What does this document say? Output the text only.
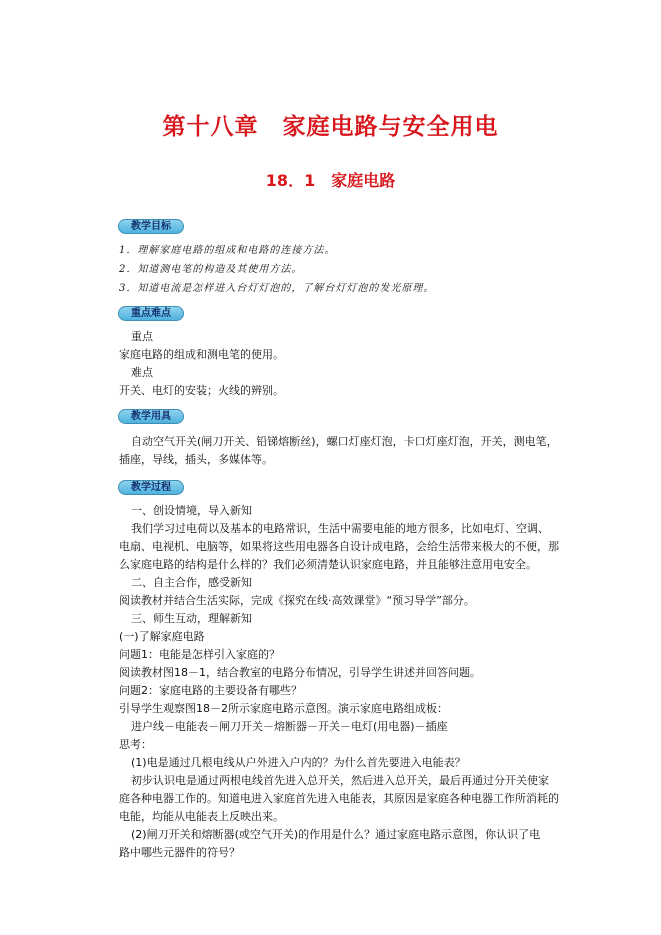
第十八章　家庭电路与安全用电
18．1　家庭电路
教学目标
1．理解家庭电路的组成和电路的连接方法。
2．知道测电笔的构造及其使用方法。
3．知道电流是怎样进入台灯灯泡的，了解台灯灯泡的发光原理。
重点难点
重点
家庭电路的组成和测电笔的使用。
难点
开关、电灯的安装；火线的辨别。
教学用具
自动空气开关(闸刀开关、铅锑熔断丝)，螺口灯座灯泡，卡口灯座灯泡，开关，测电笔，
插座，导线，插头，多媒体等。
教学过程
一、创设情境，导入新知
我们学习过电荷以及基本的电路常识，生活中需要电能的地方很多，比如电灯、空调、
电扇、电视机、电脑等，如果将这些用电器各自设计成电路，会给生活带来极大的不便，那
么家庭电路的结构是什么样的？我们必须清楚认识家庭电路，并且能够注意用电安全。
二、自主合作，感受新知
阅读教材并结合生活实际，完成《探究在线·高效课堂》“预习导学”部分。
三、师生互动，理解新知
(一)了解家庭电路
问题1：电能是怎样引入家庭的？
阅读教材图18－1，结合教室的电路分布情况，引导学生讲述并回答问题。
问题2：家庭电路的主要设备有哪些？
引导学生观察图18－2所示家庭电路示意图。演示家庭电路组成板：
进户线－电能表－闸刀开关－熔断器－开关－电灯(用电器)－插座
思考：
(1)电是通过几根电线从户外进入户内的？为什么首先要进入电能表？
初步认识电是通过两根电线首先进入总开关，然后进入总开关，最后再通过分开关使家
庭各种电器工作的。知道电进入家庭首先进入电能表，其原因是家庭各种电器工作所消耗的
电能，均能从电能表上反映出来。
(2)闸刀开关和熔断器(或空气开关)的作用是什么？通过家庭电路示意图，你认识了电
路中哪些元器件的符号？
